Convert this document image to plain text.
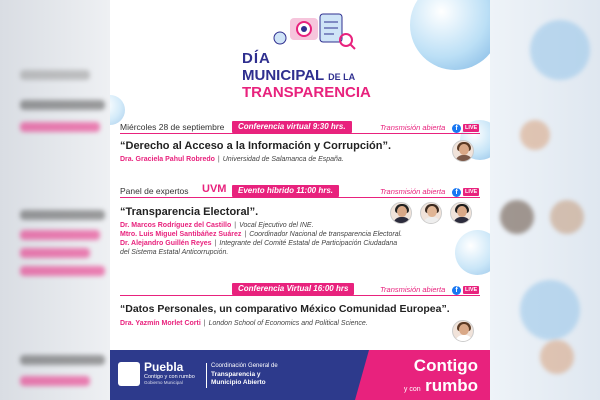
DÍA
MUNICIPAL DE LA
TRANSPARENCIA
Miércoles 28 de septiembre	Conferencia virtual 9:30 hrs.	Transmisión abierta	f	LIVE
“Derecho al Acceso a la Información y Corrupción”.
Dra. Graciela Pahul Robredo | Universidad de Salamanca de España.
Panel de expertos UVM	Evento híbrido 11:00 hrs.	Transmisión abierta	f	LIVE
“Transparencia Electoral”.
Dr. Marcos Rodríguez del Castillo | Vocal Ejecutivo del INE.
Mtro. Luis Miguel Santibáñez Suárez | Coordinador Nacional de transparencia Electoral.
Dr. Alejandro Guillén Reyes | Integrante del Comité Estatal de Participación Ciudadana
del Sistema Estatal Anticorrupción.
Conferencia Virtual 16:00 hrs	Transmisión abierta	f	LIVE
“Datos Personales, un comparativo México Comunidad Europea”.
Dra. Yazmín Morlet Corti | London School of Economics and Political Science.
Puebla
Contigo y con rumbo
Gobierno Municipal
Coordinación General de
Transparencia y
Municipio Abierto
Contigo
y con rumbo
